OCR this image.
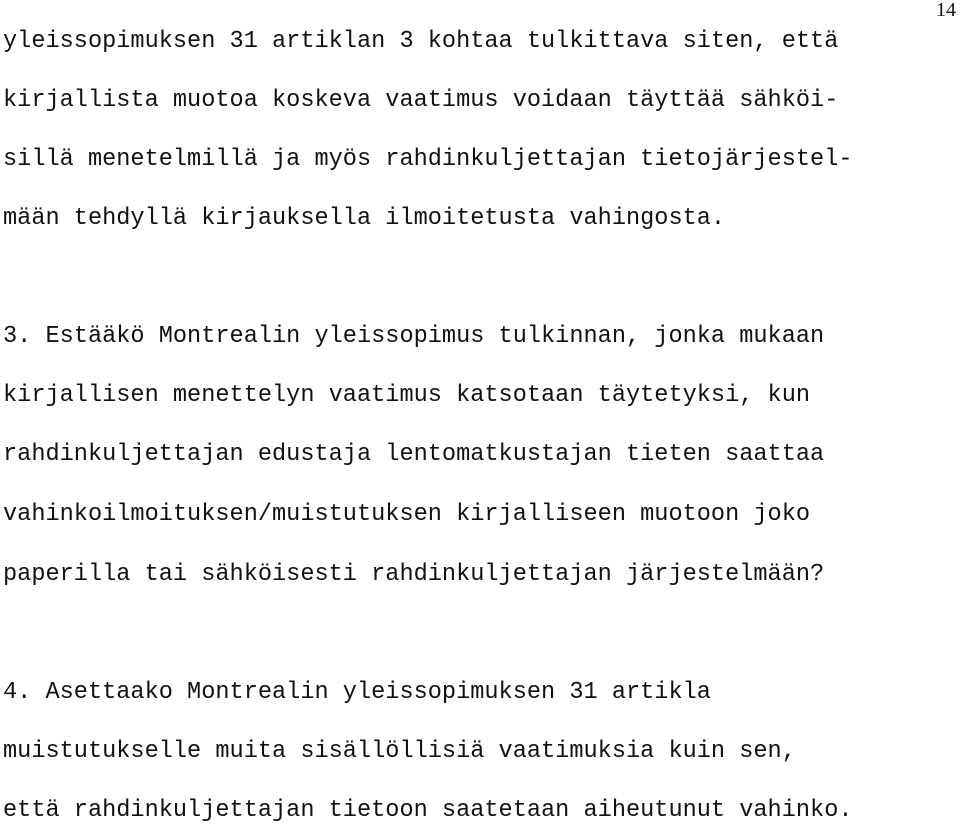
14
yleissopimuksen 31 artiklan 3 kohtaa tulkittava siten, että
kirjallista muotoa koskeva vaatimus voidaan täyttää sähköi-
sillä menetelmillä ja myös rahdinkuljettajan tietojärjestel-
mään tehdyllä kirjauksella ilmoitetusta vahingosta.
3. Estääkö Montrealin yleissopimus tulkinnan, jonka mukaan
kirjallisen menettelyn vaatimus katsotaan täytetyksi, kun
rahdinkuljettajan edustaja lentomatkustajan tieten saattaa
vahinkoilmoituksen/muistutuksen kirjalliseen muotoon joko
paperilla tai sähköisesti rahdinkuljettajan järjestelmään?
4. Asettaako Montrealin yleissopimuksen 31 artikla
muistutukselle muita sisällöllisiä vaatimuksia kuin sen,
että rahdinkuljettajan tietoon saatetaan aiheutunut vahinko.
